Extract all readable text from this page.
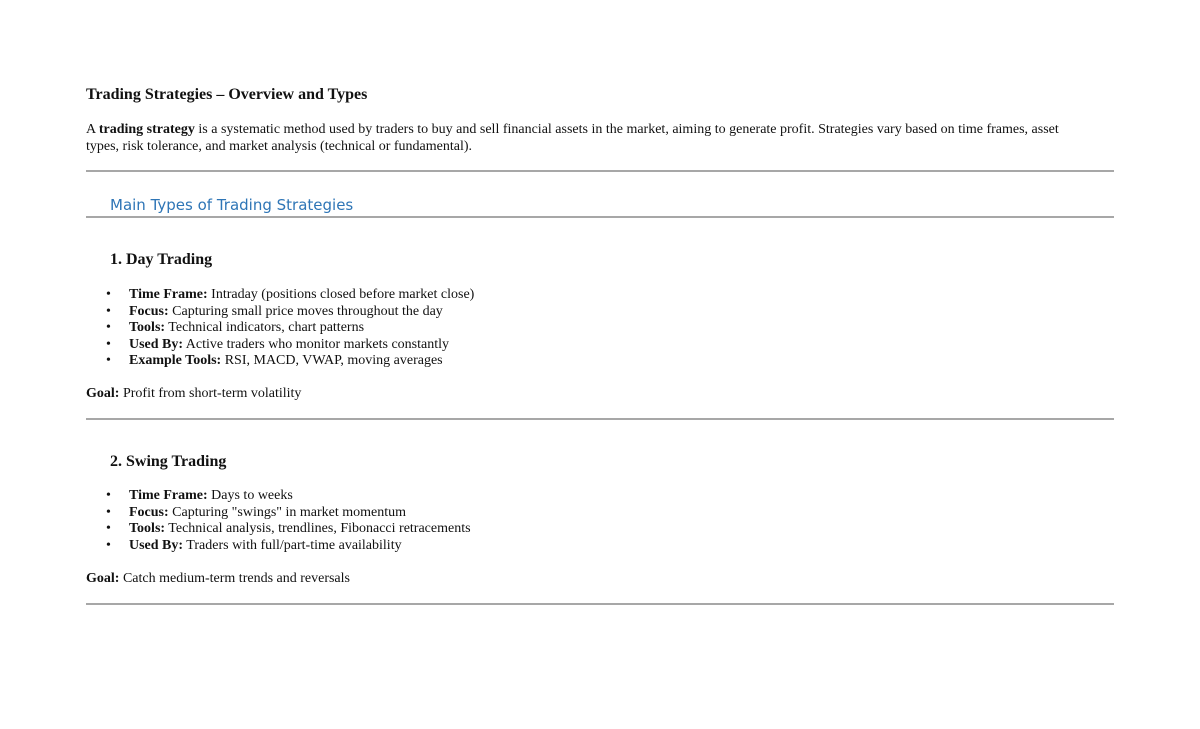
Trading Strategies – Overview and Types

A trading strategy is a systematic method used by traders to buy and sell financial assets in the market, aiming to generate profit. Strategies vary based on time frames, asset types, risk tolerance, and market analysis (technical or fundamental).

Main Types of Trading Strategies
1. Day Trading
• Time Frame: Intraday (positions closed before market close)
• Focus: Capturing small price moves throughout the day
• Tools: Technical indicators, chart patterns
• Used By: Active traders who monitor markets constantly
• Example Tools: RSI, MACD, VWAP, moving averages

Goal: Profit from short-term volatility

2. Swing Trading
• Time Frame: Days to weeks
• Focus: Capturing "swings" in market momentum
• Tools: Technical analysis, trendlines, Fibonacci retracements
• Used By: Traders with full/part-time availability

Goal: Catch medium-term trends and reversals
